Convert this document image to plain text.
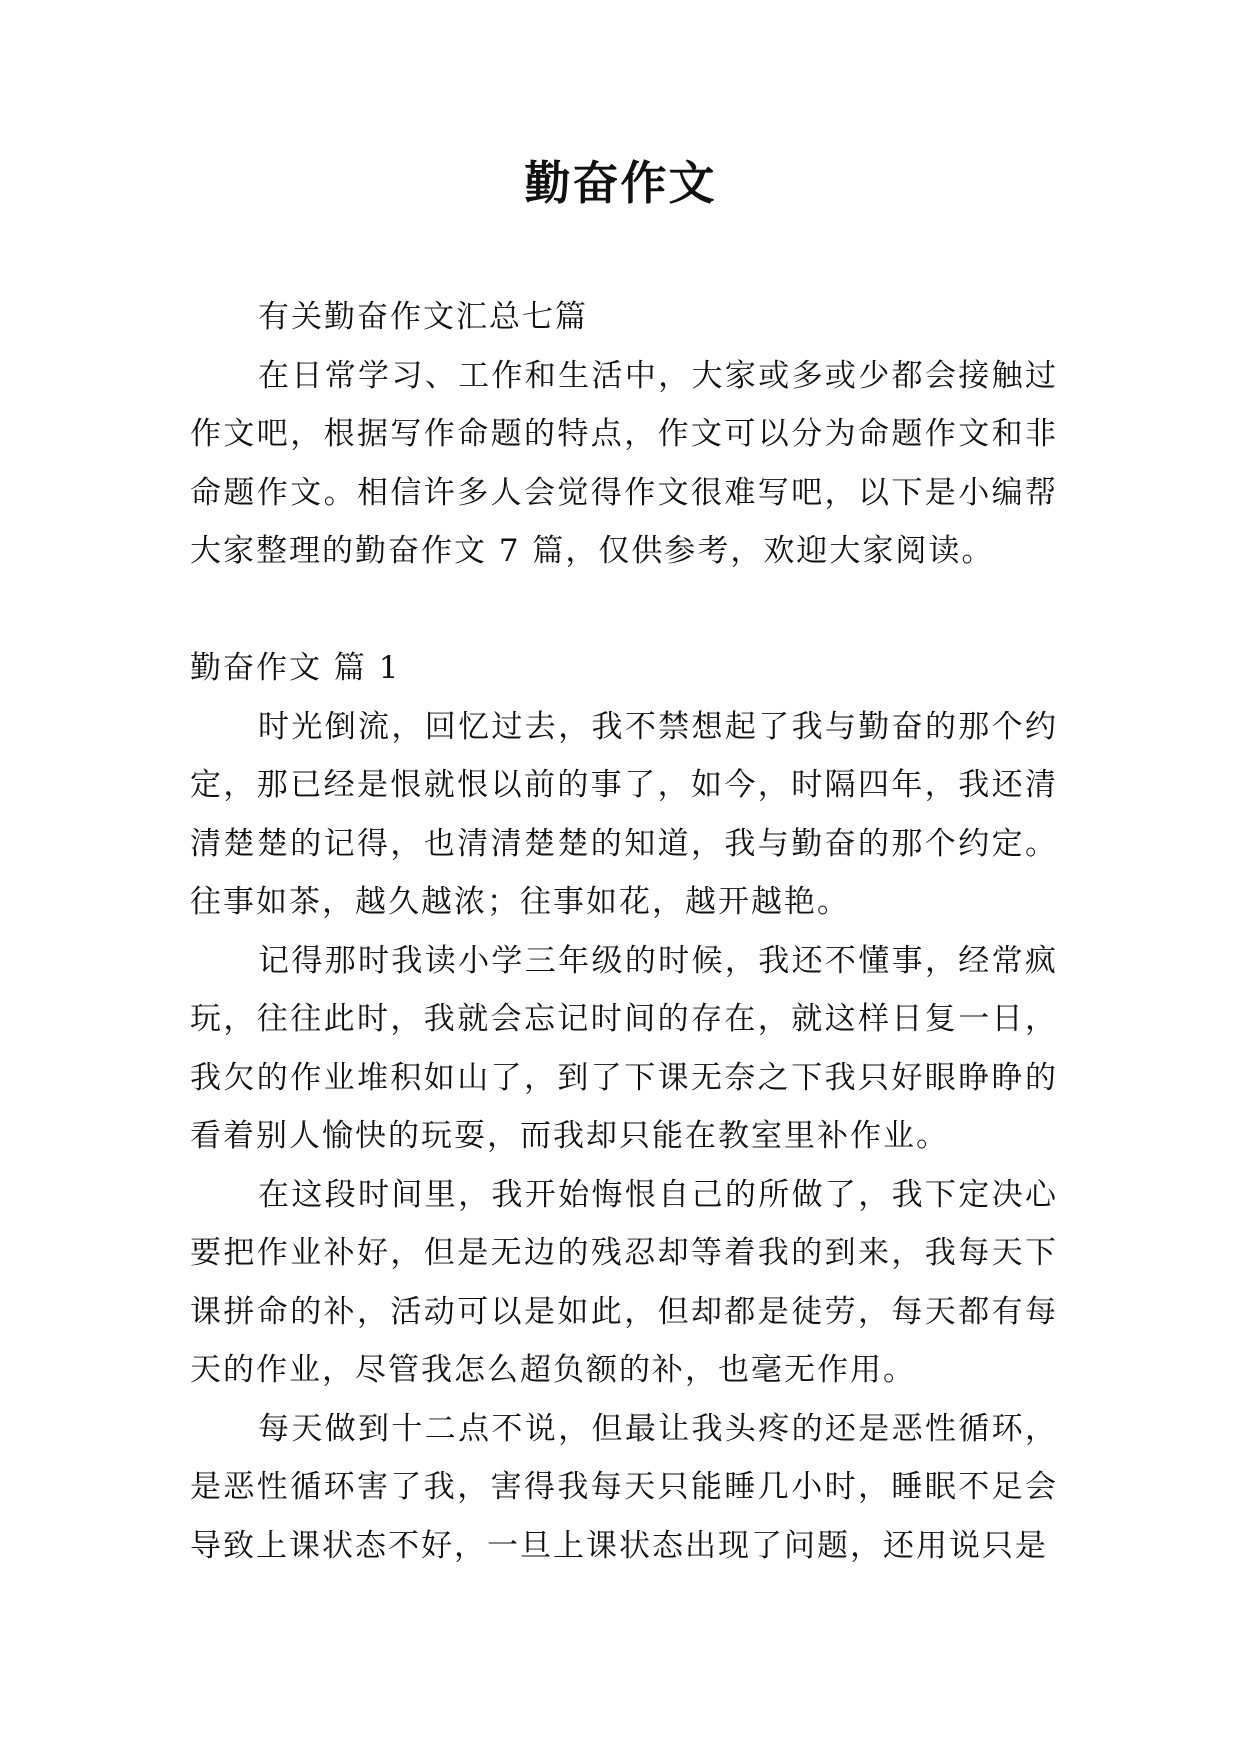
勤奋作文

有关勤奋作文汇总七篇

在日常学习、工作和生活中，大家或多或少都会接触过作文吧，根据写作命题的特点，作文可以分为命题作文和非命题作文。相信许多人会觉得作文很难写吧，以下是小编帮大家整理的勤奋作文 7 篇，仅供参考，欢迎大家阅读。

勤奋作文 篇 1

时光倒流，回忆过去，我不禁想起了我与勤奋的那个约定，那已经是恨就恨以前的事了，如今，时隔四年，我还清清楚楚的记得，也清清楚楚的知道，我与勤奋的那个约定。往事如茶，越久越浓；往事如花，越开越艳。

记得那时我读小学三年级的时候，我还不懂事，经常疯玩，往往此时，我就会忘记时间的存在，就这样日复一日，我欠的作业堆积如山了，到了下课无奈之下我只好眼睁睁的看着别人愉快的玩耍，而我却只能在教室里补作业。

在这段时间里，我开始悔恨自己的所做了，我下定决心要把作业补好，但是无边的残忍却等着我的到来，我每天下课拼命的补，活动可以是如此，但却都是徒劳，每天都有每天的作业，尽管我怎么超负额的补，也毫无作用。

每天做到十二点不说，但最让我头疼的还是恶性循环，是恶性循环害了我，害得我每天只能睡几小时，睡眠不足会导致上课状态不好，一旦上课状态出现了问题，还用说只是
